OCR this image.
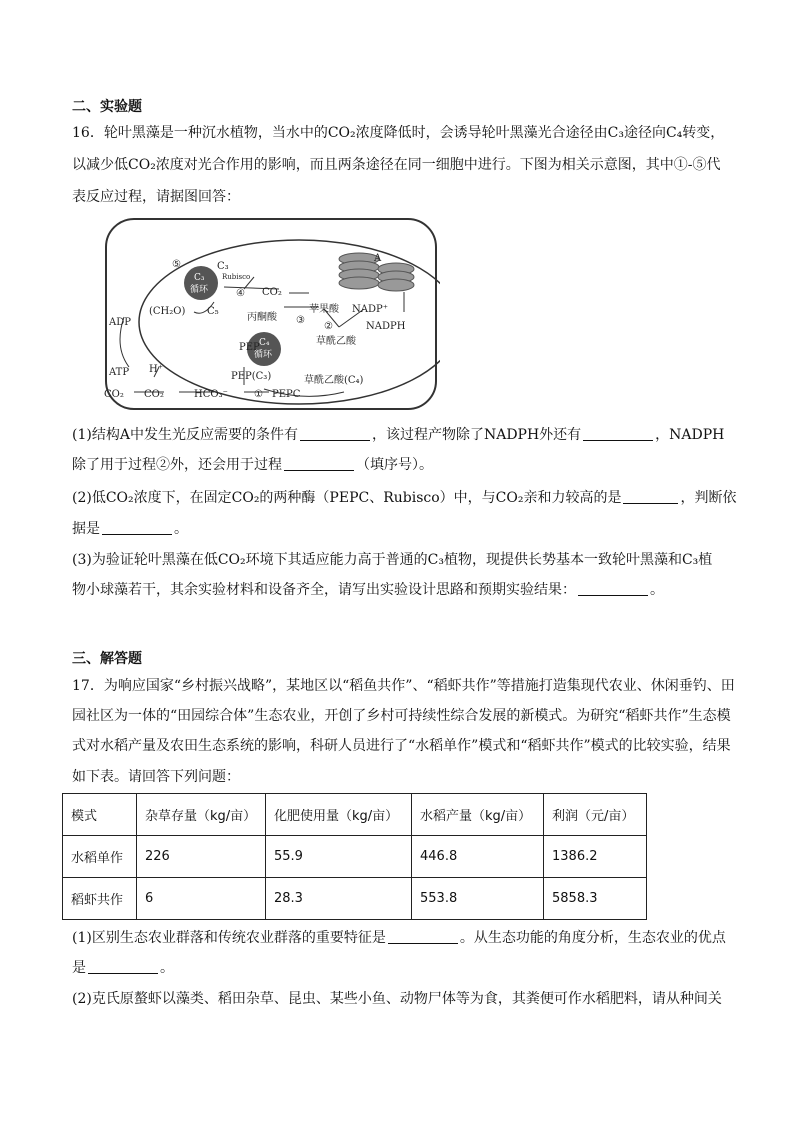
二、实验题
16．轮叶黑藻是一种沉水植物，当水中的CO₂浓度降低时，会诱导轮叶黑藻光合途径由C₃途径向C₄转变，
以减少低CO₂浓度对光合作用的影响，而且两条途径在同一细胞中进行。下图为相关示意图，其中①-⑤代
表反应过程，请据图回答：
⑤	C₃
C₃
循环
Rubisco
④ CO₂
(CH₂O) C₅
A
苹果酸 NADP⁺
NADPH
②
丙酮酸 ③
C₄
循环
草酰乙酸
PEP
PEP(C₃)	草酰乙酸(C₄)
ADP
ATP H⁺
CO₂ CO₂	HCO₃⁻	① PEPC
(1)结构A中发生光反应需要的条件有	，该过程产物除了NADPH外还有	，NADPH
除了用于过程②外，还会用于过程	（填序号）。
(2)低CO₂浓度下，在固定CO₂的两种酶（PEPC、Rubisco）中，与CO₂亲和力较高的是	，判断依
据是	。
(3)为验证轮叶黑藻在低CO₂环境下其适应能力高于普通的C₃植物，现提供长势基本一致轮叶黑藻和C₃植
物小球藻若干，其余实验材料和设备齐全，请写出实验设计思路和预期实验结果：	。
三、解答题
17．为响应国家“乡村振兴战略”，某地区以“稻鱼共作”、“稻虾共作”等措施打造集现代农业、休闲垂钓、田
园社区为一体的“田园综合体”生态农业，开创了乡村可持续性综合发展的新模式。为研究“稻虾共作”生态模
式对水稻产量及农田生态系统的影响，科研人员进行了“水稻单作”模式和“稻虾共作”模式的比较实验，结果
如下表。请回答下列问题：
模式	杂草存量（kg/亩）	化肥使用量（kg/亩）	水稻产量（kg/亩）	利润（元/亩）
水稻单作	226	55.9	446.8	1386.2
稻虾共作	6	28.3	553.8	5858.3
(1)区别生态农业群落和传统农业群落的重要特征是	。从生态功能的角度分析，生态农业的优点
是	。
(2)克氏原螯虾以藻类、稻田杂草、昆虫、某些小鱼、动物尸体等为食，其粪便可作水稻肥料，请从种间关
